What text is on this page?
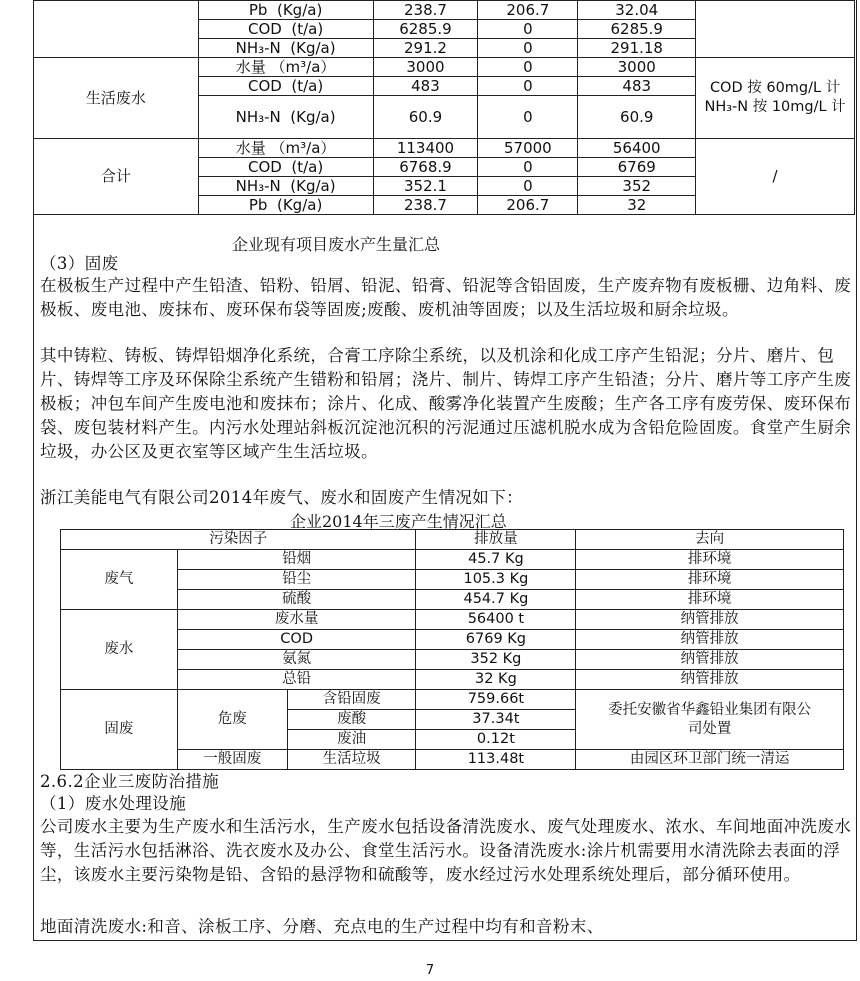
	Pb  (Kg/a)	238.7	206.7	32.04	
	COD  (t/a)	6285.9	0	6285.9	
	NH₃-N  (Kg/a)	291.2	0	291.18	
生活废水	水量 （m³/a）	3000	0	3000	COD 按 60mg/L 计 NH₃-N 按 10mg/L 计
	COD  (t/a)	483	0	483	
	NH₃-N  (Kg/a)	60.9	0	60.9	
合计	水量 （m³/a）	113400	57000	56400	/
	COD  (t/a)	6768.9	0	6769	
	NH₃-N  (Kg/a)	352.1	0	352	
	Pb  (Kg/a)	238.7	206.7	32	
企业现有项目废水产生量汇总
（3）固废
在极板生产过程中产生铅渣、铅粉、铅屑、铅泥、铅膏、铅泥等含铅固废，生产废弃物有废板栅、边角料、废极板、废电池、废抹布、废环保布袋等固废;废酸、废机油等固废；以及生活垃圾和厨余垃圾。
其中铸粒、铸板、铸焊铅烟净化系统，合膏工序除尘系统，以及机涂和化成工序产生铅泥；分片、磨片、包片、铸焊等工序及环保除尘系统产生错粉和铅屑；浇片、制片、铸焊工序产生铅渣；分片、磨片等工序产生废极板；冲包车间产生废电池和废抹布；涂片、化成、酸雾净化装置产生废酸；生产各工序有废劳保、废环保布袋、废包装材料产生。内污水处理站斜板沉淀池沉积的污泥通过压滤机脱水成为含铅危险固废。食堂产生厨余垃圾，办公区及更衣室等区域产生生活垃圾。
浙江美能电气有限公司2014年废气、废水和固废产生情况如下：
企业2014年三废产生情况汇总
污染因子			排放量	去向
废气	铅烟		45.7 Kg	排环境
	铅尘		105.3 Kg	排环境
	硫酸		454.7 Kg	排环境
废水	废水量		56400 t	纳管排放
	COD		6769 Kg	纳管排放
	氨氮		352 Kg	纳管排放
	总铅		32 Kg	纳管排放
固废	危废	含铅固废	759.66t	委托安徽省华鑫铅业集团有限公司处置
		废酸	37.34t	
		废油	0.12t	
	一般固废	生活垃圾	113.48t	由园区环卫部门统一清运
2.6.2企业三废防治措施
（1）废水处理设施
公司废水主要为生产废水和生活污水，生产废水包括设备清洗废水、废气处理废水、浓水、车间地面冲洗废水等，生活污水包括淋浴、洗衣废水及办公、食堂生活污水。设备清洗废水:涂片机需要用水清洗除去表面的浮尘，该废水主要污染物是铅、含铅的悬浮物和硫酸等，废水经过污水处理系统处理后，部分循环使用。
地面清洗废水:和音、涂板工序、分磨、充点电的生产过程中均有和音粉末、
7
